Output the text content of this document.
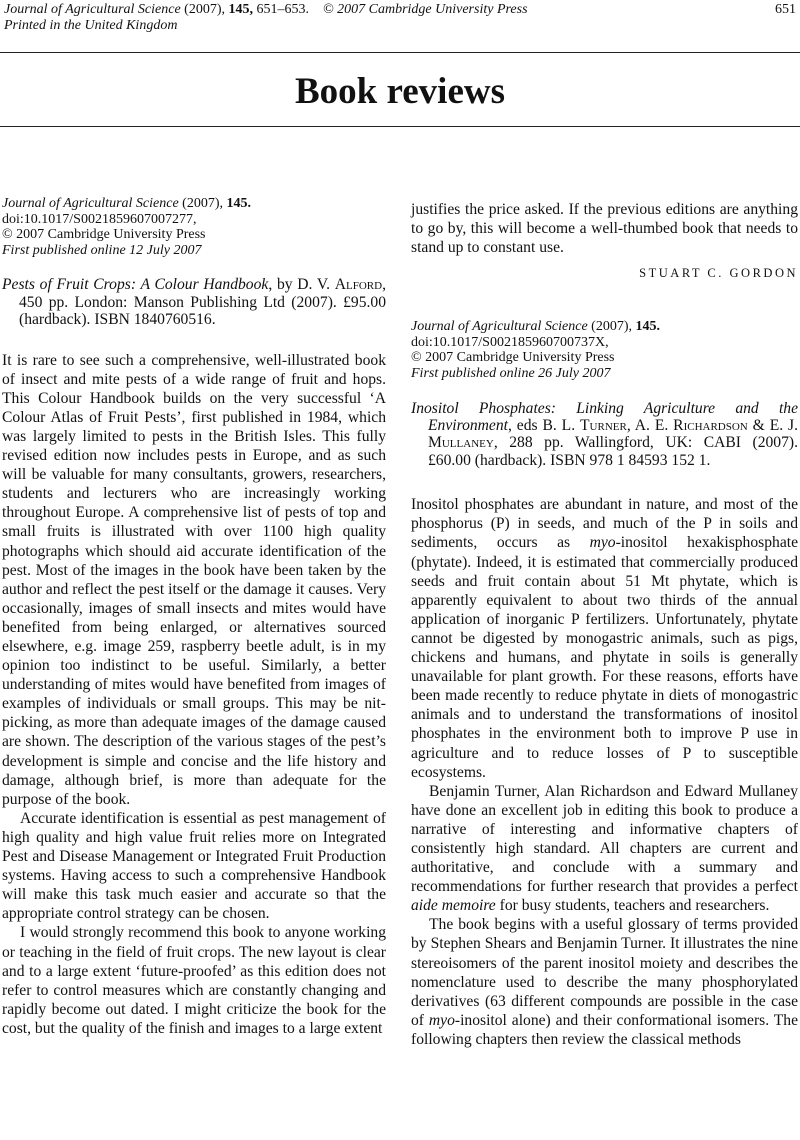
Journal of Agricultural Science (2007), 145, 651–653. © 2007 Cambridge University Press
Printed in the United Kingdom
651
Book reviews
Journal of Agricultural Science (2007), 145.
doi:10.1017/S0021859607007277,
© 2007 Cambridge University Press
First published online 12 July 2007

Pests of Fruit Crops: A Colour Handbook, by D. V. Alford, 450 pp. London: Manson Publishing Ltd (2007). £95.00 (hardback). ISBN 1840760516.

It is rare to see such a comprehensive, well-illustrated book of insect and mite pests of a wide range of fruit and hops. This Colour Handbook builds on the very successful ‘A Colour Atlas of Fruit Pests’, first published in 1984, which was largely limited to pests in the British Isles. This fully revised edition now includes pests in Europe, and as such will be valuable for many consultants, growers, researchers, students and lecturers who are increasingly working throughout Europe. A comprehensive list of pests of top and small fruits is illustrated with over 1100 high quality photographs which should aid accurate identification of the pest. Most of the images in the book have been taken by the author and reflect the pest itself or the damage it causes. Very occasionally, images of small insects and mites would have benefited from being enlarged, or alternatives sourced elsewhere, e.g. image 259, raspberry beetle adult, is in my opinion too indistinct to be useful. Similarly, a better understanding of mites would have benefited from images of examples of individuals or small groups. This may be nit-picking, as more than adequate images of the damage caused are shown. The description of the various stages of the pest’s development is simple and concise and the life history and damage, although brief, is more than adequate for the purpose of the book.

Accurate identification is essential as pest management of high quality and high value fruit relies more on Integrated Pest and Disease Management or Integrated Fruit Production systems. Having access to such a comprehensive Handbook will make this task much easier and accurate so that the appropriate control strategy can be chosen.

I would strongly recommend this book to anyone working or teaching in the field of fruit crops. The new layout is clear and to a large extent ‘future-proofed’ as this edition does not refer to control measures which are constantly changing and rapidly become out dated. I might criticize the book for the cost, but the quality of the finish and images to a large extent

justifies the price asked. If the previous editions are anything to go by, this will become a well-thumbed book that needs to stand up to constant use.

STUART C. GORDON

Journal of Agricultural Science (2007), 145.
doi:10.1017/S002185960700737X,
© 2007 Cambridge University Press
First published online 26 July 2007

Inositol Phosphates: Linking Agriculture and the Environment, eds B. L. Turner, A. E. Richardson & E. J. Mullaney, 288 pp. Wallingford, UK: CABI (2007). £60.00 (hardback). ISBN 978 1 84593 152 1.

Inositol phosphates are abundant in nature, and most of the phosphorus (P) in seeds, and much of the P in soils and sediments, occurs as myo-inositol hexakisphosphate (phytate). Indeed, it is estimated that commercially produced seeds and fruit contain about 51 Mt phytate, which is apparently equivalent to about two thirds of the annual application of inorganic P fertilizers. Unfortunately, phytate cannot be digested by monogastric animals, such as pigs, chickens and humans, and phytate in soils is generally unavailable for plant growth. For these reasons, efforts have been made recently to reduce phytate in diets of monogastric animals and to understand the transformations of inositol phosphates in the environment both to improve P use in agriculture and to reduce losses of P to susceptible ecosystems.

Benjamin Turner, Alan Richardson and Edward Mullaney have done an excellent job in editing this book to produce a narrative of interesting and informative chapters of consistently high standard. All chapters are current and authoritative, and conclude with a summary and recommendations for further research that provides a perfect aide memoire for busy students, teachers and researchers.

The book begins with a useful glossary of terms provided by Stephen Shears and Benjamin Turner. It illustrates the nine stereoisomers of the parent inositol moiety and describes the nomenclature used to describe the many phosphorylated derivatives (63 different compounds are possible in the case of myo-inositol alone) and their conformational isomers. The following chapters then review the classical methods
